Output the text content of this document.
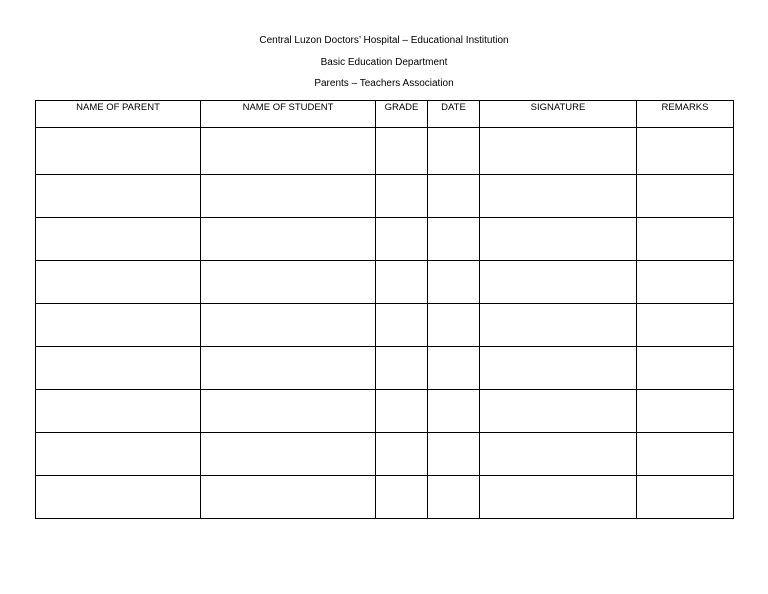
Central Luzon Doctors’ Hospital – Educational Institution
Basic Education Department
Parents – Teachers Association
NAME OF PARENT	NAME OF STUDENT	GRADE	DATE	SIGNATURE	REMARKS
